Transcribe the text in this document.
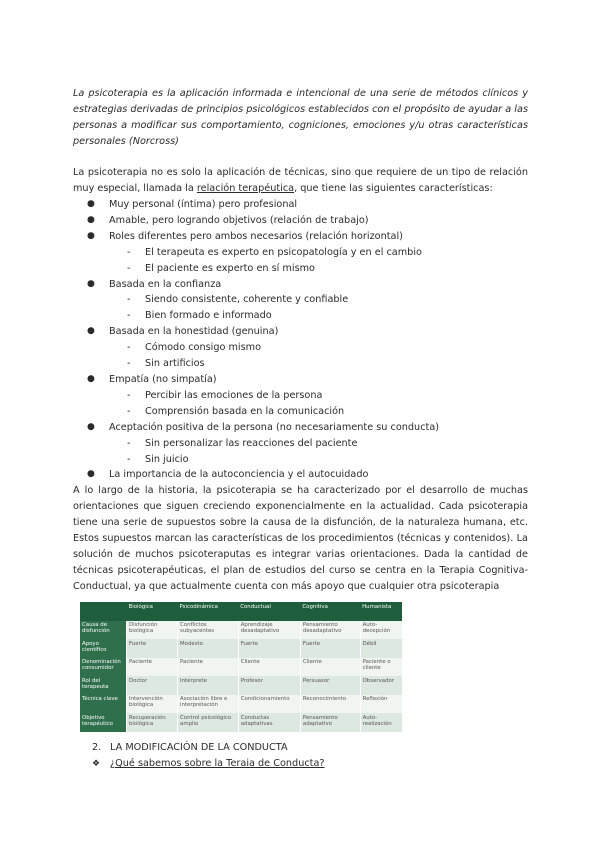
La psicoterapia es la aplicación informada e intencional de una serie de métodos clínicos y estrategias derivadas de principios psicológicos establecidos con el propósito de ayudar a las personas a modificar sus comportamiento, cogniciones, emociones y/u otras características personales (Norcross)

La psicoterapia no es solo la aplicación de técnicas, sino que requiere de un tipo de relación muy especial, llamada la relación terapéutica, que tiene las siguientes características:

● Muy personal (íntima) pero profesional
● Amable, pero logrando objetivos (relación de trabajo)
● Roles diferentes pero ambos necesarios (relación horizontal)
- El terapeuta es experto en psicopatología y en el cambio
- El paciente es experto en sí mismo
● Basada en la confianza
- Siendo consistente, coherente y confiable
- Bien formado e informado
● Basada en la honestidad (genuina)
- Cómodo consigo mismo
- Sin artificios
● Empatía (no simpatía)
- Percibir las emociones de la persona
- Comprensión basada en la comunicación
● Aceptación positiva de la persona (no necesariamente su conducta)
- Sin personalizar las reacciones del paciente
- Sin juicio
● La importancia de la autoconciencia y el autocuidado

A lo largo de la historia, la psicoterapia se ha caracterizado por el desarrollo de muchas orientaciones que siguen creciendo exponencialmente en la actualidad. Cada psicoterapia tiene una serie de supuestos sobre la causa de la disfunción, de la naturaleza humana, etc. Estos supuestos marcan las características de los procedimientos (técnicas y contenidos). La solución de muchos psicoteraputas es integrar varias orientaciones. Dada la cantidad de técnicas psicoterapéuticas, el plan de estudios del curso se centra en la Terapia Cognitiva-Conductual, ya que actualmente cuenta con más apoyo que cualquier otra psicoterapia

	Biológica	Psicodinámica	Conductual	Cognitiva	Humanista
Causa de disfunción	Disfunción biológica	Conflictos subyacentes	Aprendizaje desadaptativo	Pensamiento desadaptativo	Auto-decepción
Apoyo científico	Fuerte	Modesto	Fuerte	Fuerte	Débil
Denominación consumidor	Paciente	Paciente	Cliente	Cliente	Paciente o cliente
Rol del terapeuta	Doctor	Intérprete	Profesor	Persuasor	Observador
Técnica clave	Intervención biológica	Asociación libre e interpretación	Condicionamiento	Reconocimiento	Reflexión
Objetivo terapéutico	Recuperación biológica	Control psicológico amplio	Conductas adaptativas	Pensamiento adaptativo	Auto-realización
2. LA MODIFICACIÓN DE LA CONDUCTA
❖ ¿Qué sabemos sobre la Teraia de Conducta?
